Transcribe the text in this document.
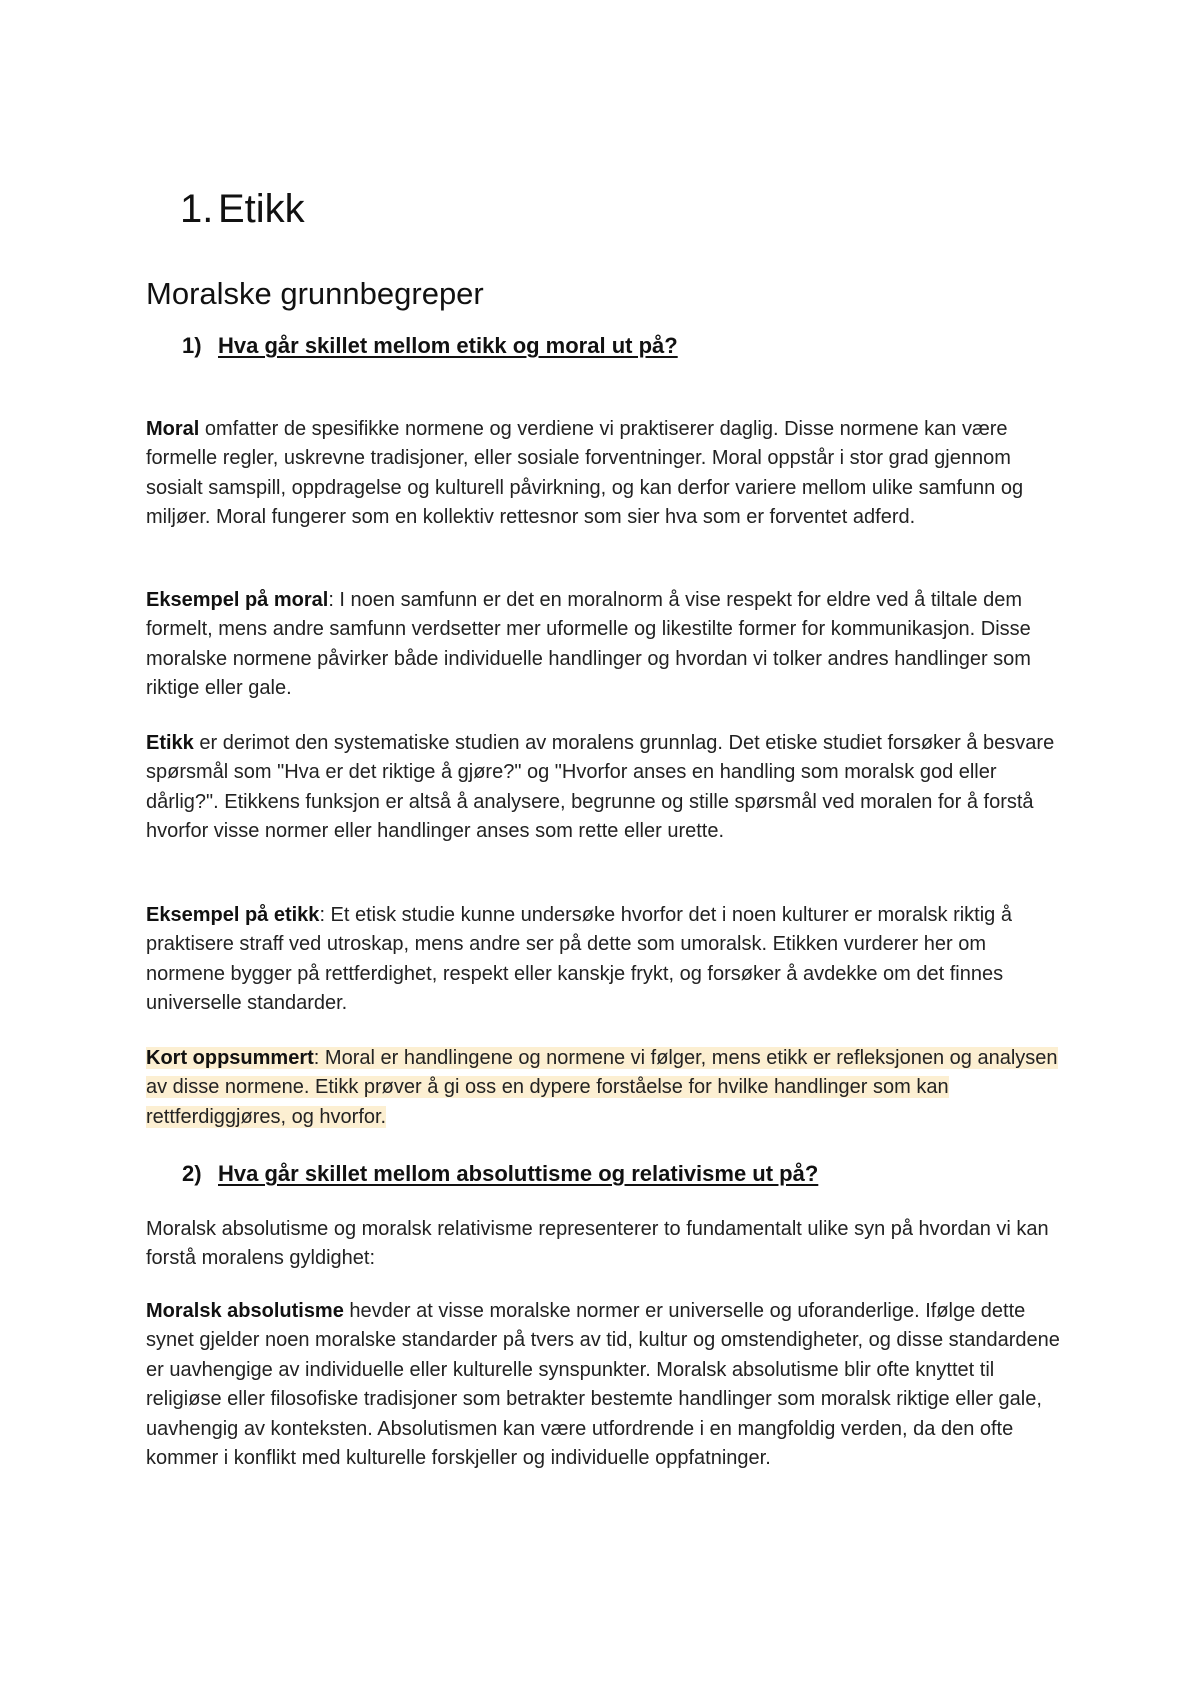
1. Etikk
Moralske grunnbegreper
1) Hva går skillet mellom etikk og moral ut på?

Moral omfatter de spesifikke normene og verdiene vi praktiserer daglig. Disse normene kan være formelle regler, uskrevne tradisjoner, eller sosiale forventninger. Moral oppstår i stor grad gjennom sosialt samspill, oppdragelse og kulturell påvirkning, og kan derfor variere mellom ulike samfunn og miljøer. Moral fungerer som en kollektiv rettesnor som sier hva som er forventet adferd.

Eksempel på moral: I noen samfunn er det en moralnorm å vise respekt for eldre ved å tiltale dem formelt, mens andre samfunn verdsetter mer uformelle og likestilte former for kommunikasjon. Disse moralske normene påvirker både individuelle handlinger og hvordan vi tolker andres handlinger som riktige eller gale.

Etikk er derimot den systematiske studien av moralens grunnlag. Det etiske studiet forsøker å besvare spørsmål som "Hva er det riktige å gjøre?" og "Hvorfor anses en handling som moralsk god eller dårlig?". Etikkens funksjon er altså å analysere, begrunne og stille spørsmål ved moralen for å forstå hvorfor visse normer eller handlinger anses som rette eller urette.

Eksempel på etikk: Et etisk studie kunne undersøke hvorfor det i noen kulturer er moralsk riktig å praktisere straff ved utroskap, mens andre ser på dette som umoralsk. Etikken vurderer her om normene bygger på rettferdighet, respekt eller kanskje frykt, og forsøker å avdekke om det finnes universelle standarder.

Kort oppsummert: Moral er handlingene og normene vi følger, mens etikk er refleksjonen og analysen av disse normene. Etikk prøver å gi oss en dypere forståelse for hvilke handlinger som kan rettferdiggjøres, og hvorfor.

2) Hva går skillet mellom absoluttisme og relativisme ut på?

Moralsk absolutisme og moralsk relativisme representerer to fundamentalt ulike syn på hvordan vi kan forstå moralens gyldighet:

Moralsk absolutisme hevder at visse moralske normer er universelle og uforanderlige. Ifølge dette synet gjelder noen moralske standarder på tvers av tid, kultur og omstendigheter, og disse standardene er uavhengige av individuelle eller kulturelle synspunkter. Moralsk absolutisme blir ofte knyttet til religiøse eller filosofiske tradisjoner som betrakter bestemte handlinger som moralsk riktige eller gale, uavhengig av konteksten. Absolutismen kan være utfordrende i en mangfoldig verden, da den ofte kommer i konflikt med kulturelle forskjeller og individuelle oppfatninger.
